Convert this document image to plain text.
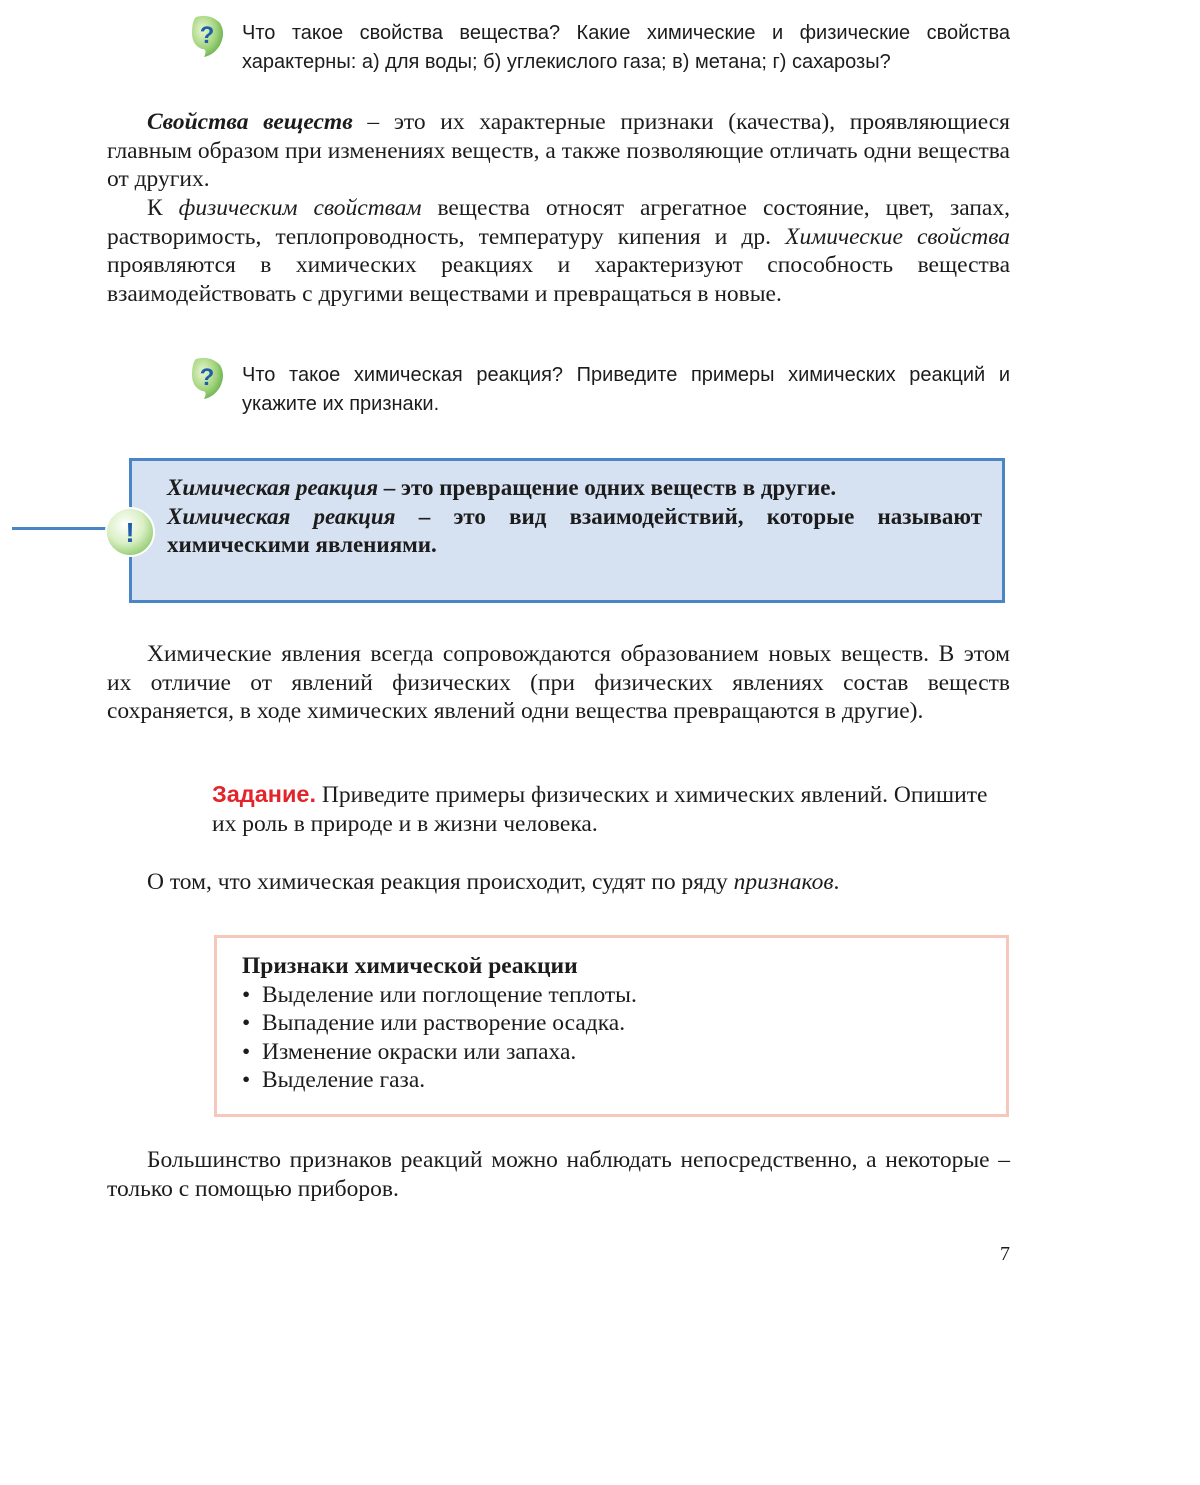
? Что такое свойства вещества? Какие химические и физические свойства характерны: а) для воды; б) углекислого газа; в) метана; г) сахарозы?

Свойства веществ – это их характерные признаки (качества), проявляющиеся главным образом при изменениях веществ, а также позволяющие отличать одни вещества от других.

К физическим свойствам вещества относят агрегатное состояние, цвет, запах, растворимость, теплопроводность, температуру кипения и др. Химические свойства проявляются в химических реакциях и характеризуют способность вещества взаимодействовать с другими веществами и превращаться в новые.

? Что такое химическая реакция? Приведите примеры химических реакций и укажите их признаки.
!
Химическая реакция – это превращение одних веществ в другие.
Химическая реакция – это вид взаимодействий, которые называют химическими явлениями.

Химические явления всегда сопровождаются образованием новых веществ. В этом их отличие от явлений физических (при физических явлениях состав веществ сохраняется, в ходе химических явлений одни вещества превращаются в другие).

Задание. Приведите примеры физических и химических явлений. Опишите их роль в природе и в жизни человека.

О том, что химическая реакция происходит, судят по ряду признаков.

Признаки химической реакции
• Выделение или поглощение теплоты.
• Выпадение или растворение осадка.
• Изменение окраски или запаха.
• Выделение газа.

Большинство признаков реакций можно наблюдать непосредственно, а некоторые – только с помощью приборов.

7
